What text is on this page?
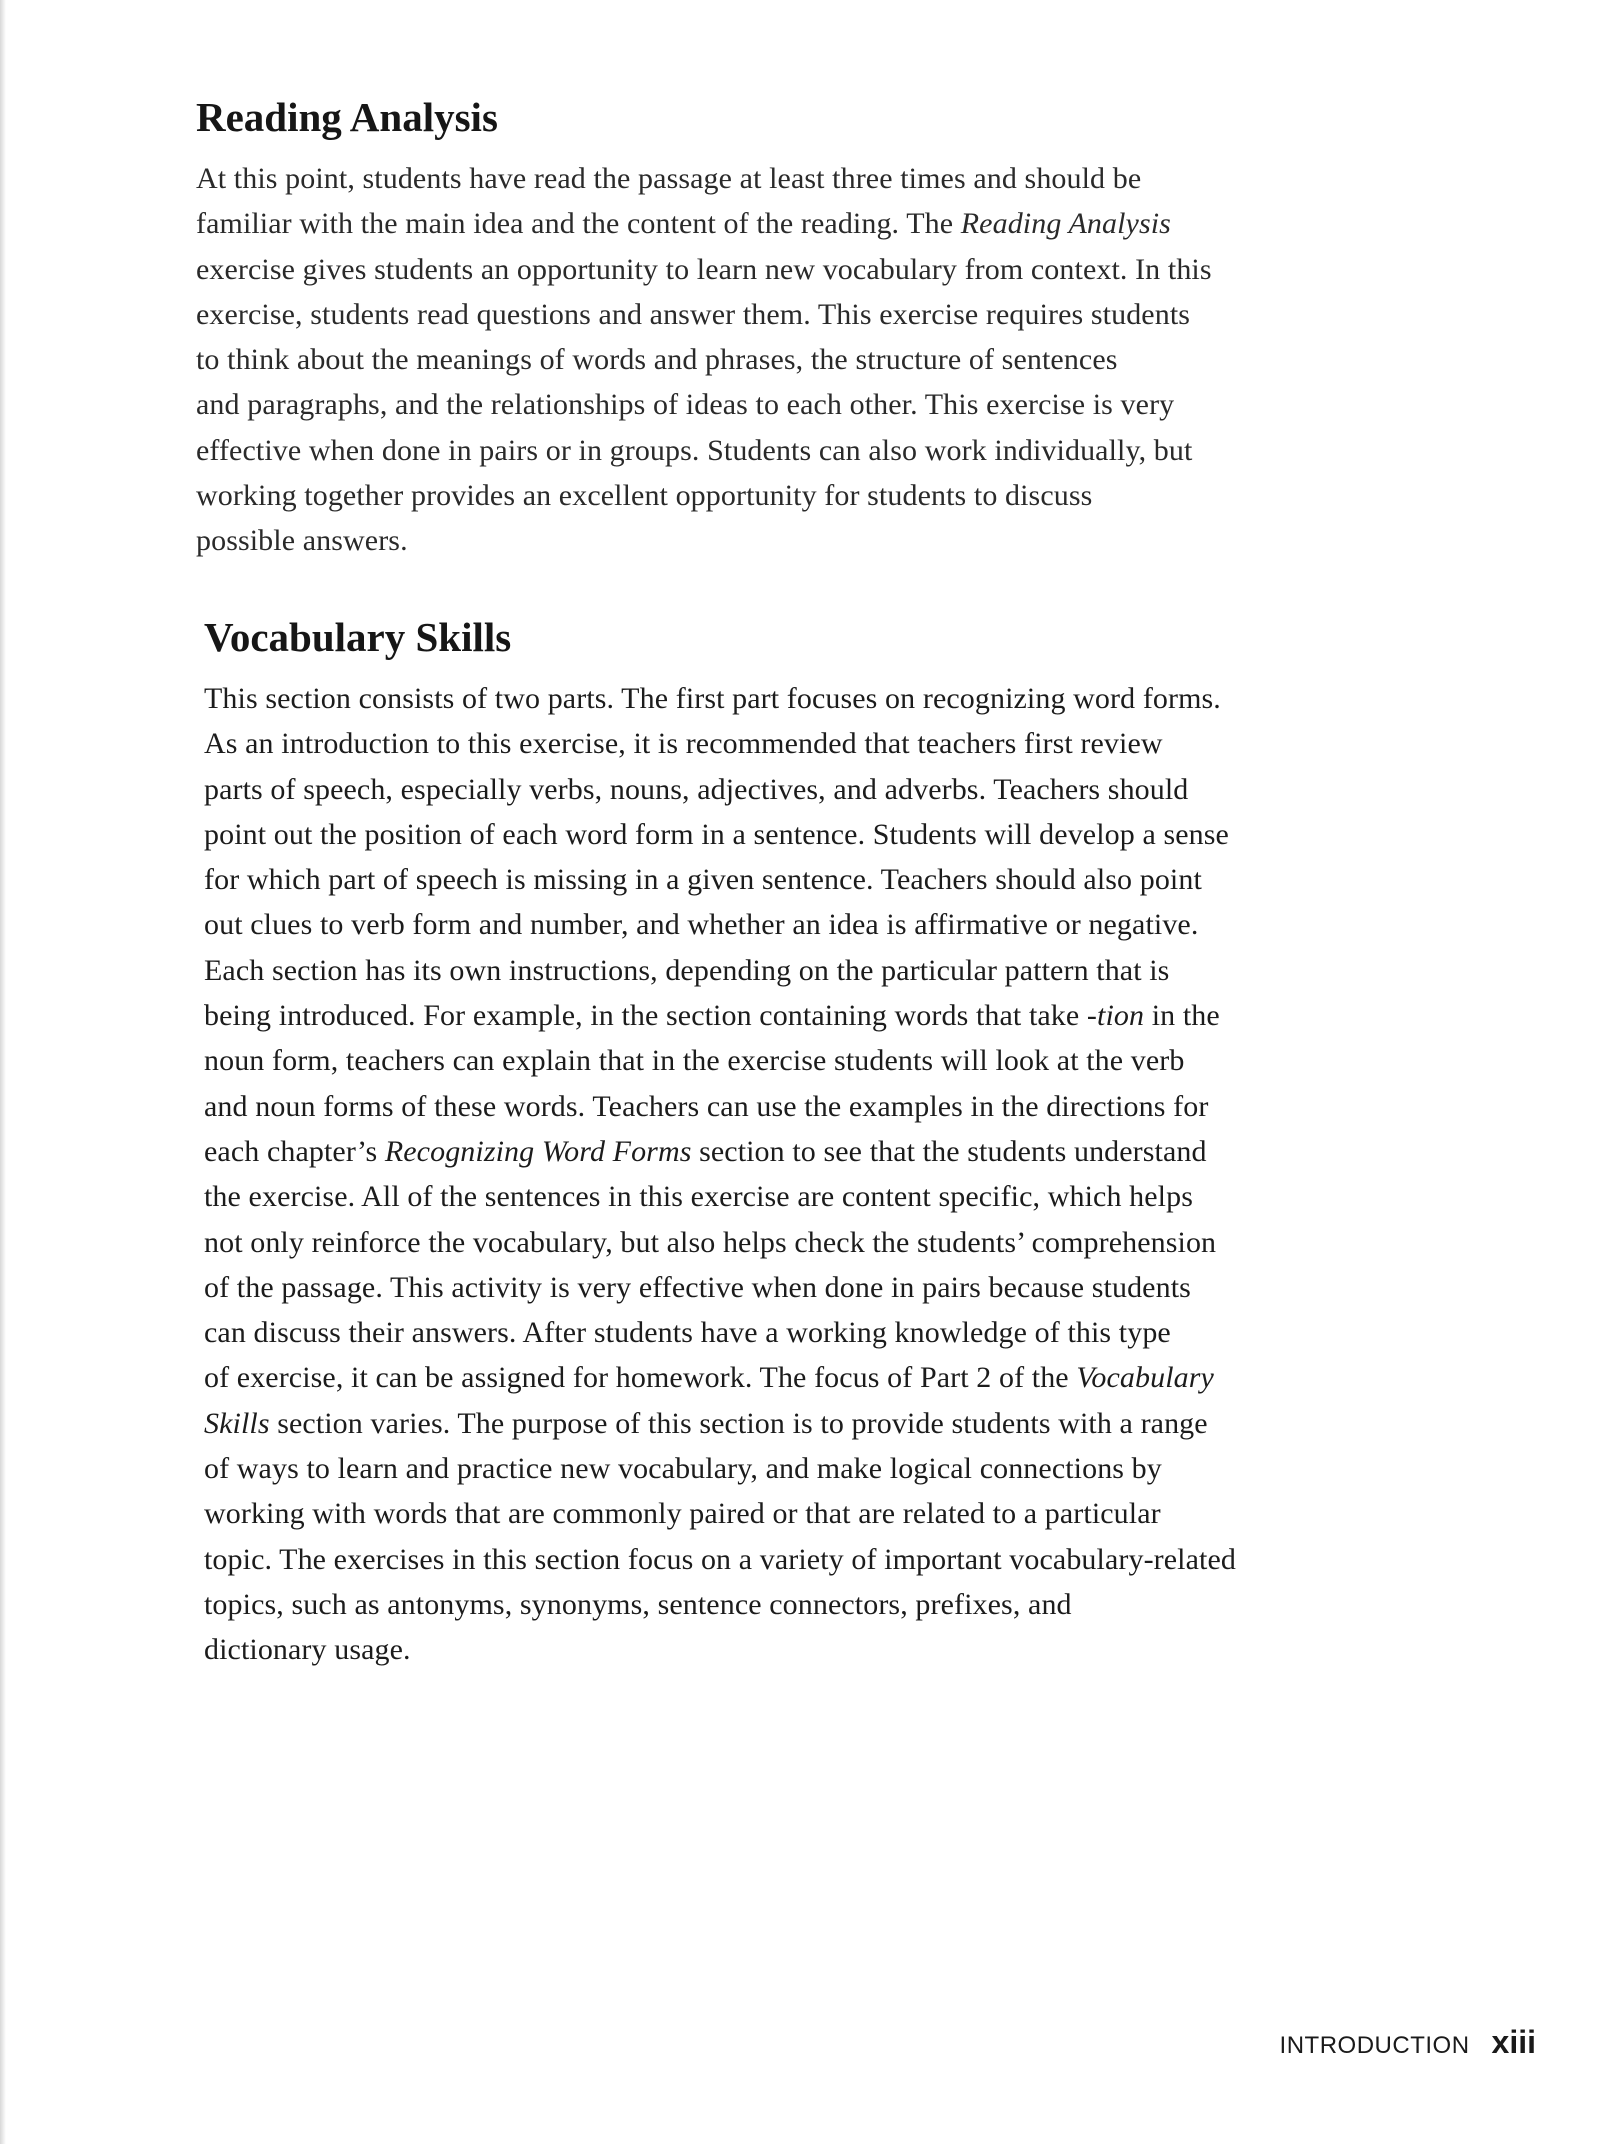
Reading Analysis

At this point, students have read the passage at least three times and should be

familiar with the main idea and the content of the reading. The Reading Analysis

exercise gives students an opportunity to learn new vocabulary from context. In this

exercise, students read questions and answer them. This exercise requires students

to think about the meanings of words and phrases, the structure of sentences

and paragraphs, and the relationships of ideas to each other. This exercise is very

effective when done in pairs or in groups. Students can also work individually, but

working together provides an excellent opportunity for students to discuss

possible answers.

Vocabulary Skills

This section consists of two parts. The first part focuses on recognizing word forms.

As an introduction to this exercise, it is recommended that teachers first review

parts of speech, especially verbs, nouns, adjectives, and adverbs. Teachers should

point out the position of each word form in a sentence. Students will develop a sense

for which part of speech is missing in a given sentence. Teachers should also point

out clues to verb form and number, and whether an idea is affirmative or negative.

Each section has its own instructions, depending on the particular pattern that is

being introduced. For example, in the section containing words that take -tion in the

noun form, teachers can explain that in the exercise students will look at the verb

and noun forms of these words. Teachers can use the examples in the directions for

each chapter’s Recognizing Word Forms section to see that the students understand

the exercise. All of the sentences in this exercise are content specific, which helps

not only reinforce the vocabulary, but also helps check the students’ comprehension

of the passage. This activity is very effective when done in pairs because students

can discuss their answers. After students have a working knowledge of this type

of exercise, it can be assigned for homework. The focus of Part 2 of the Vocabulary

Skills section varies. The purpose of this section is to provide students with a range

of ways to learn and practice new vocabulary, and make logical connections by

working with words that are commonly paired or that are related to a particular

topic. The exercises in this section focus on a variety of important vocabulary-related

topics, such as antonyms, synonyms, sentence connectors, prefixes, and

dictionary usage.

INTRODUCTION xiii
